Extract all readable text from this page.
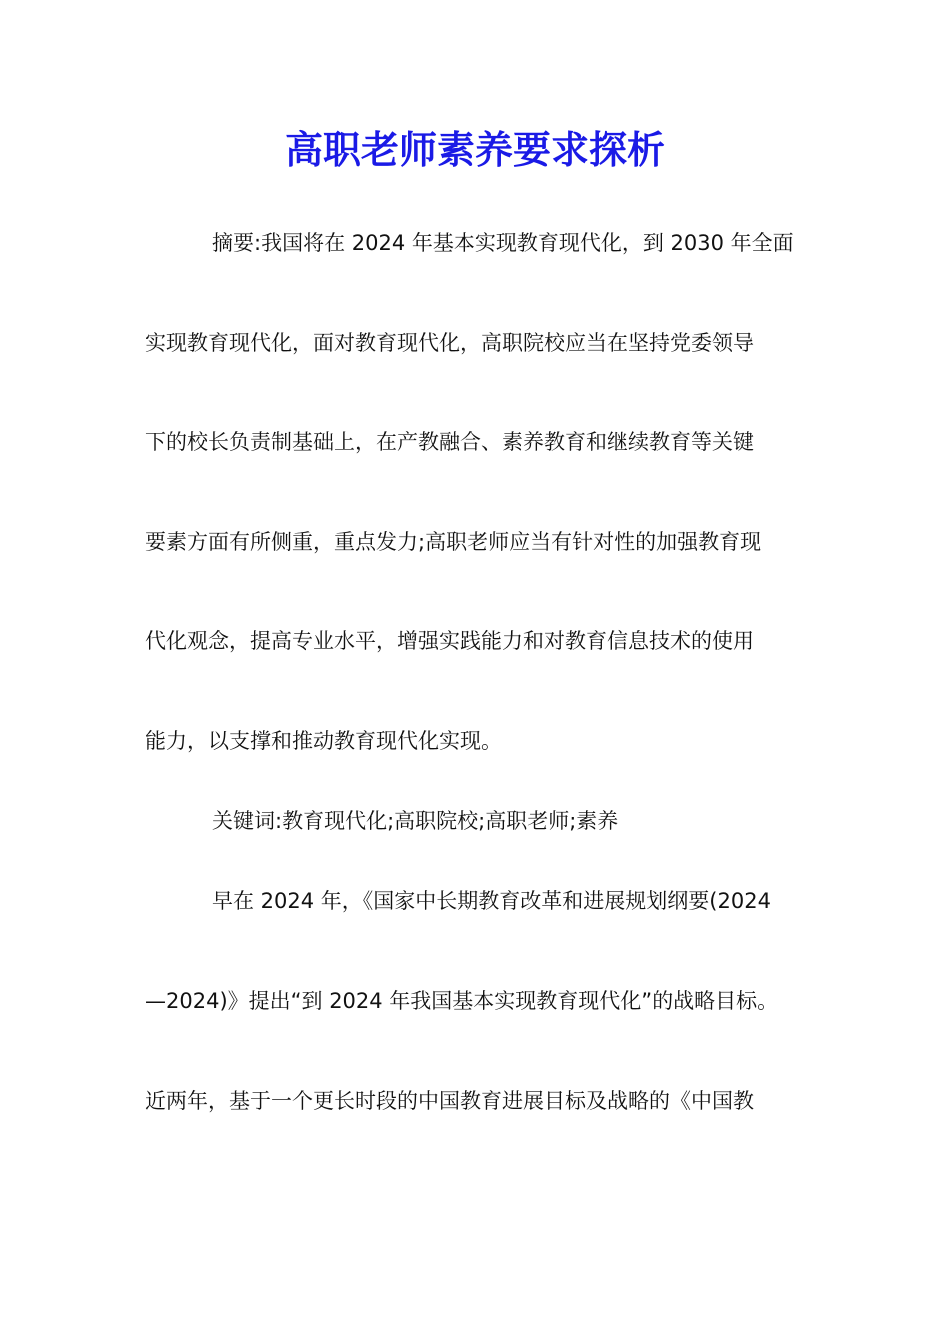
高职老师素养要求探析
摘要:我国将在 2024 年基本实现教育现代化，到 2030 年全面
实现教育现代化，面对教育现代化，高职院校应当在坚持党委领导
下的校长负责制基础上，在产教融合、素养教育和继续教育等关键
要素方面有所侧重，重点发力;高职老师应当有针对性的加强教育现
代化观念，提高专业水平，增强实践能力和对教育信息技术的使用
能力，以支撑和推动教育现代化实现。
关键词:教育现代化;高职院校;高职老师;素养
早在 2024 年，《国家中长期教育改革和进展规划纲要(2024
—2024)》提出“到 2024 年我国基本实现教育现代化”的战略目标。
近两年，基于一个更长时段的中国教育进展目标及战略的《中国教
